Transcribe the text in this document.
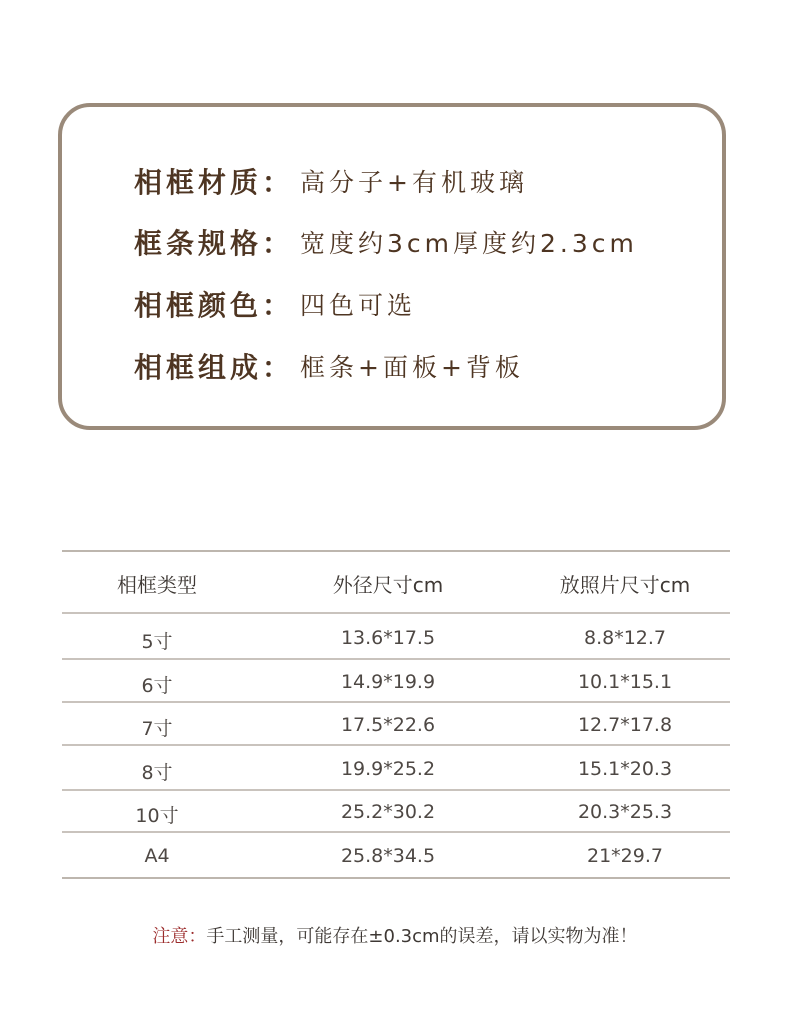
相框材质： 高分子+有机玻璃
框条规格： 宽度约3cm厚度约2.3cm
相框颜色： 四色可选
相框组成： 框条+面板+背板
相框类型	外径尺寸cm	放照片尺寸cm
5寸	13.6*17.5	8.8*12.7
6寸	14.9*19.9	10.1*15.1
7寸	17.5*22.6	12.7*17.8
8寸	19.9*25.2	15.1*20.3
10寸	25.2*30.2	20.3*25.3
A4	25.8*34.5	21*29.7
注意：手工测量，可能存在±0.3cm的误差，请以实物为准！
